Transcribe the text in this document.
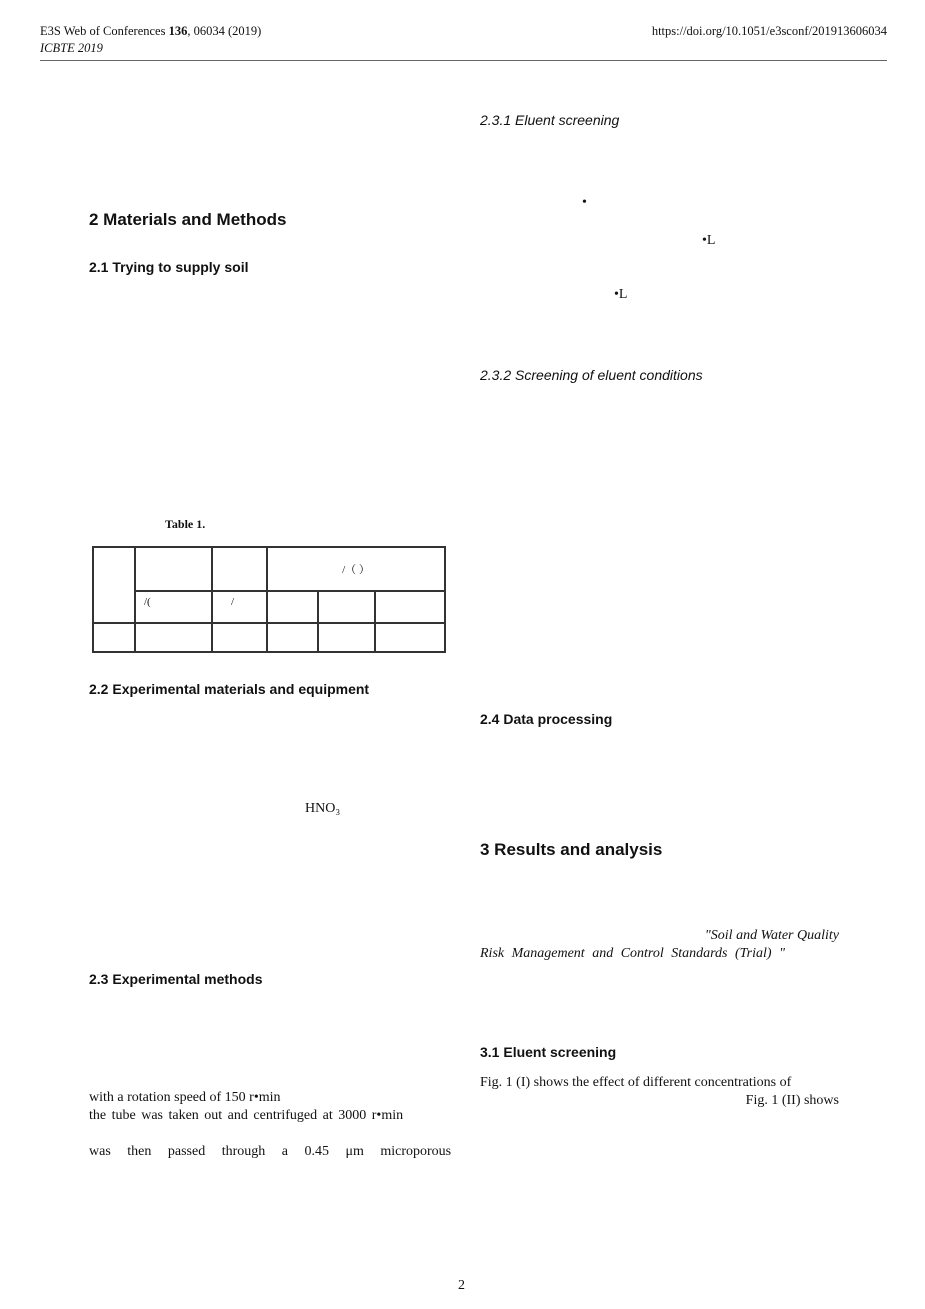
E3S Web of Conferences 136, 06034 (2019)
ICBTE 2019
https://doi.org/10.1051/e3sconf/201913606034
2 Materials and Methods
2.1 Trying to supply soil
Table 1.
			/（ ）		
	/(	/			

2.2 Experimental materials and equipment
HNO₃
2.3 Experimental methods
with a rotation speed of 150 r•min
the tube was taken out and centrifuged at 3000 r•min
was then passed through a 0.45 μm microporous
2.3.1 Eluent screening
•
•L
•L
2.3.2 Screening of eluent conditions
2.4 Data processing
3 Results and analysis
"Soil and Water Quality
Risk Management and Control Standards (Trial) "
3.1 Eluent screening
Fig. 1 (I) shows the effect of different concentrations of
Fig. 1 (II) shows
2
